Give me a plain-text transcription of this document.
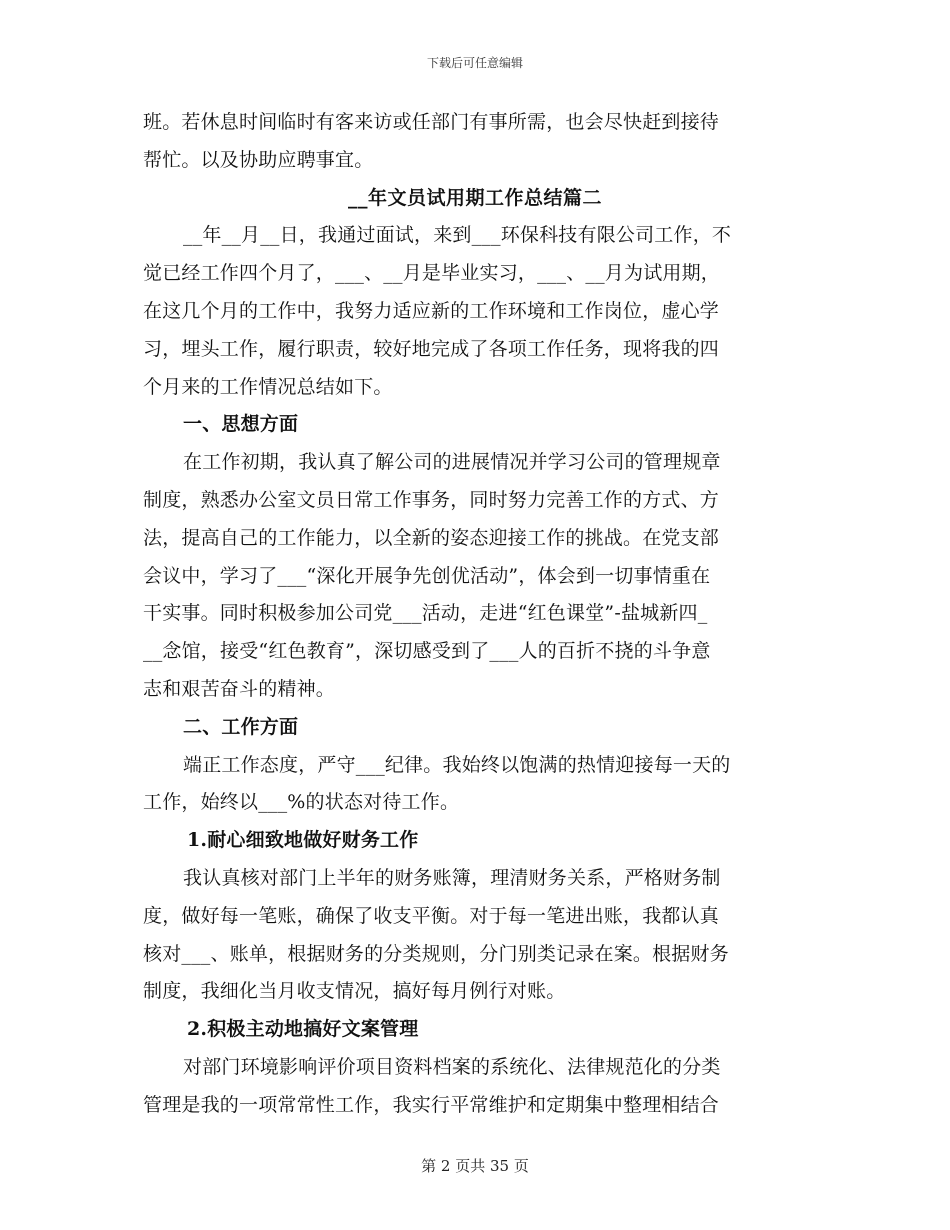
下载后可任意编辑
班。若休息时间临时有客来访或任部门有事所需，也会尽快赶到接待
帮忙。以及协助应聘事宜。
__年文员试用期工作总结篇二
__年__月__日，我通过面试，来到___环保科技有限公司工作，不
觉已经工作四个月了，___、__月是毕业实习，___、__月为试用期，
在这几个月的工作中，我努力适应新的工作环境和工作岗位，虚心学
习，埋头工作，履行职责，较好地完成了各项工作任务，现将我的四
个月来的工作情况总结如下。
一、思想方面
在工作初期，我认真了解公司的进展情况并学习公司的管理规章
制度，熟悉办公室文员日常工作事务，同时努力完善工作的方式、方
法，提高自己的工作能力，以全新的姿态迎接工作的挑战。在党支部
会议中，学习了___“深化开展争先创优活动”，体会到一切事情重在
干实事。同时积极参加公司党___活动，走进“红色课堂”-盐城新四_
__念馆，接受“红色教育”，深切感受到了___人的百折不挠的斗争意
志和艰苦奋斗的精神。
二、工作方面
端正工作态度，严守___纪律。我始终以饱满的热情迎接每一天的
工作，始终以___%的状态对待工作。
1.耐心细致地做好财务工作
我认真核对部门上半年的财务账簿，理清财务关系，严格财务制
度，做好每一笔账，确保了收支平衡。对于每一笔进出账，我都认真
核对___、账单，根据财务的分类规则，分门别类记录在案。根据财务
制度，我细化当月收支情况，搞好每月例行对账。
2.积极主动地搞好文案管理
对部门环境影响评价项目资料档案的系统化、法律规范化的分类
管理是我的一项常常性工作，我实行平常维护和定期集中整理相结合
第 2 页共 35 页
